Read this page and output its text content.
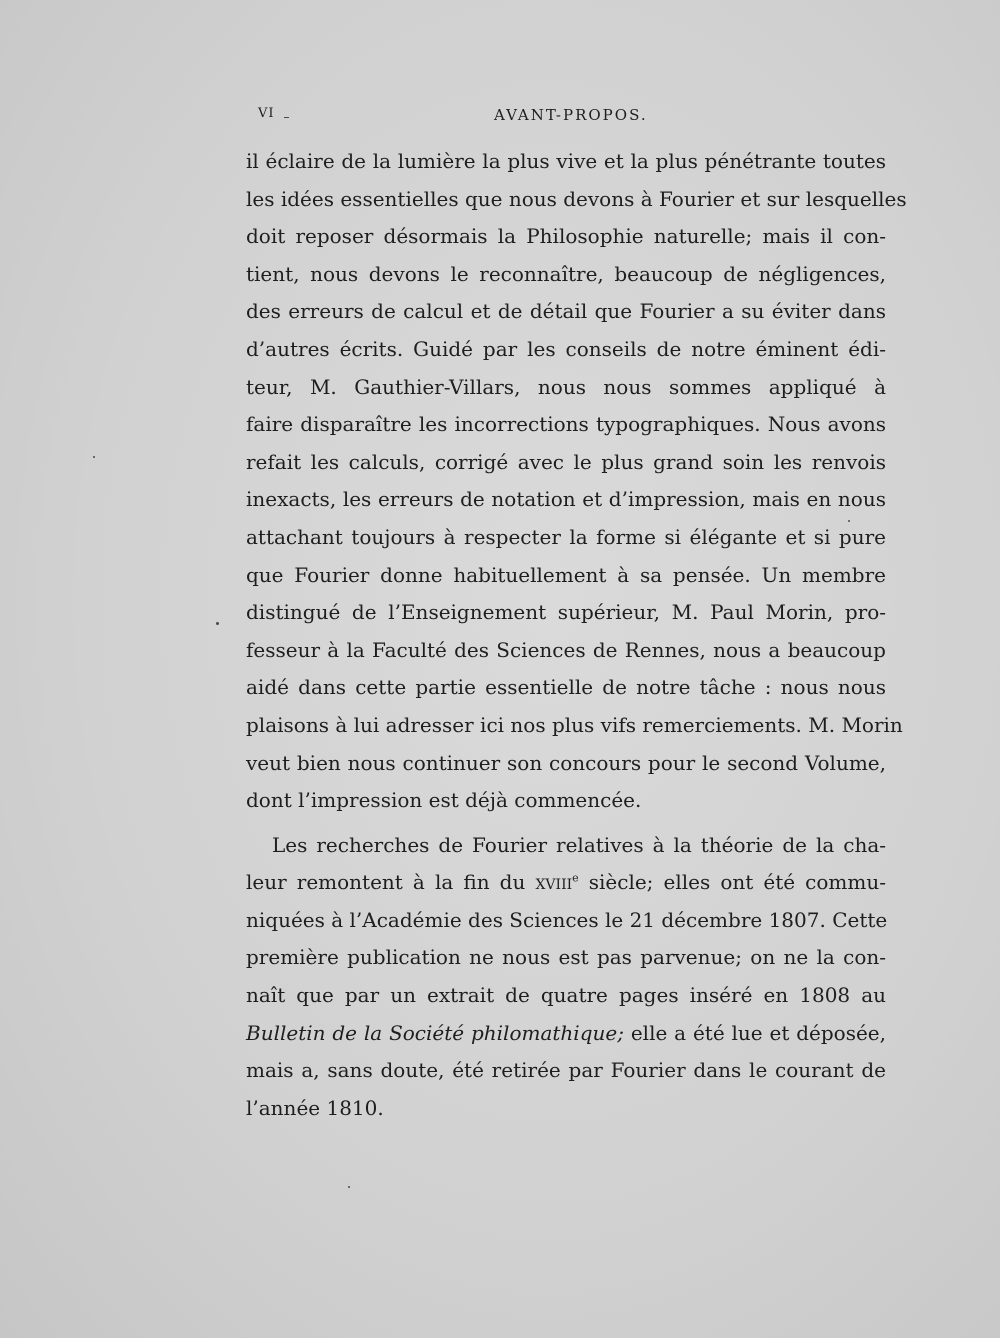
VI	AVANT-PROPOS.
il éclaire de la lumière la plus vive et la plus pénétrante toutes
les idées essentielles que nous devons à Fourier et sur lesquelles
doit reposer désormais la Philosophie naturelle; mais il con-
tient, nous devons le reconnaître, beaucoup de négligences,
des erreurs de calcul et de détail que Fourier a su éviter dans
d’autres écrits. Guidé par les conseils de notre éminent édi-
teur, M. Gauthier-Villars, nous nous sommes appliqué à
faire disparaître les incorrections typographiques. Nous avons
refait les calculs, corrigé avec le plus grand soin les renvois
inexacts, les erreurs de notation et d’impression, mais en nous
attachant toujours à respecter la forme si élégante et si pure
que Fourier donne habituellement à sa pensée. Un membre
distingué de l’Enseignement supérieur, M. Paul Morin, pro-
fesseur à la Faculté des Sciences de Rennes, nous a beaucoup
aidé dans cette partie essentielle de notre tâche : nous nous
plaisons à lui adresser ici nos plus vifs remerciements. M. Morin
veut bien nous continuer son concours pour le second Volume,
dont l’impression est déjà commencée.
Les recherches de Fourier relatives à la théorie de la cha-
leur remontent à la fin du xviii$^e$ siècle; elles ont été commu-
niquées à l’Académie des Sciences le 21 décembre 1807. Cette
première publication ne nous est pas parvenue; on ne la con-
naît que par un extrait de quatre pages inséré en 1808 au
Bulletin de la Société philomathique; elle a été lue et déposée,
mais a, sans doute, été retirée par Fourier dans le courant de
l’année 1810.
